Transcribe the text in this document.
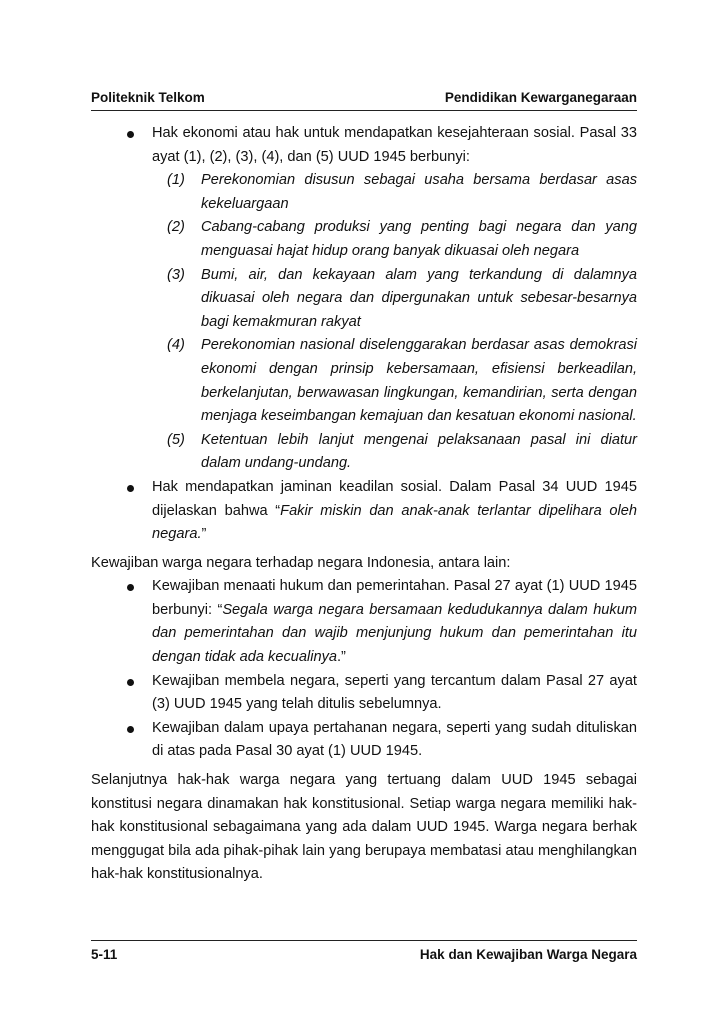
Politeknik Telkom	Pendidikan Kewarganegaraan
Hak ekonomi atau hak untuk mendapatkan kesejahteraan sosial. Pasal 33 ayat (1), (2), (3), (4), dan (5) UUD 1945 berbunyi:
(1) Perekonomian disusun sebagai usaha bersama berdasar asas kekeluargaan
(2) Cabang-cabang produksi yang penting bagi negara dan yang menguasai hajat hidup orang banyak dikuasai oleh negara
(3) Bumi, air, dan kekayaan alam yang terkandung di dalamnya dikuasai oleh negara dan dipergunakan untuk sebesar-besarnya bagi kemakmuran rakyat
(4) Perekonomian nasional diselenggarakan berdasar asas demokrasi ekonomi dengan prinsip kebersamaan, efisiensi berkeadilan, berkelanjutan, berwawasan lingkungan, kemandirian, serta dengan menjaga keseimbangan kemajuan dan kesatuan ekonomi nasional.
(5) Ketentuan lebih lanjut mengenai pelaksanaan pasal ini diatur dalam undang-undang.
Hak mendapatkan jaminan keadilan sosial. Dalam Pasal 34 UUD 1945 dijelaskan bahwa “Fakir miskin dan anak-anak terlantar dipelihara oleh negara.”

Kewajiban warga negara terhadap negara Indonesia, antara lain:

Kewajiban menaati hukum dan pemerintahan. Pasal 27 ayat (1) UUD 1945 berbunyi: “Segala warga negara bersamaan kedudukannya dalam hukum dan pemerintahan dan wajib menjunjung hukum dan pemerintahan itu dengan tidak ada kecualinya.”
Kewajiban membela negara, seperti yang tercantum dalam Pasal 27 ayat (3) UUD 1945 yang telah ditulis sebelumnya.
Kewajiban dalam upaya pertahanan negara, seperti yang sudah dituliskan di atas pada Pasal 30 ayat (1) UUD 1945.

Selanjutnya hak-hak warga negara yang tertuang dalam UUD 1945 sebagai konstitusi negara dinamakan hak konstitusional. Setiap warga negara memiliki hak-hak konstitusional sebagaimana yang ada dalam UUD 1945. Warga negara berhak menggugat bila ada pihak-pihak lain yang berupaya membatasi atau menghilangkan hak-hak konstitusionalnya.

5-11	Hak dan Kewajiban Warga Negara
